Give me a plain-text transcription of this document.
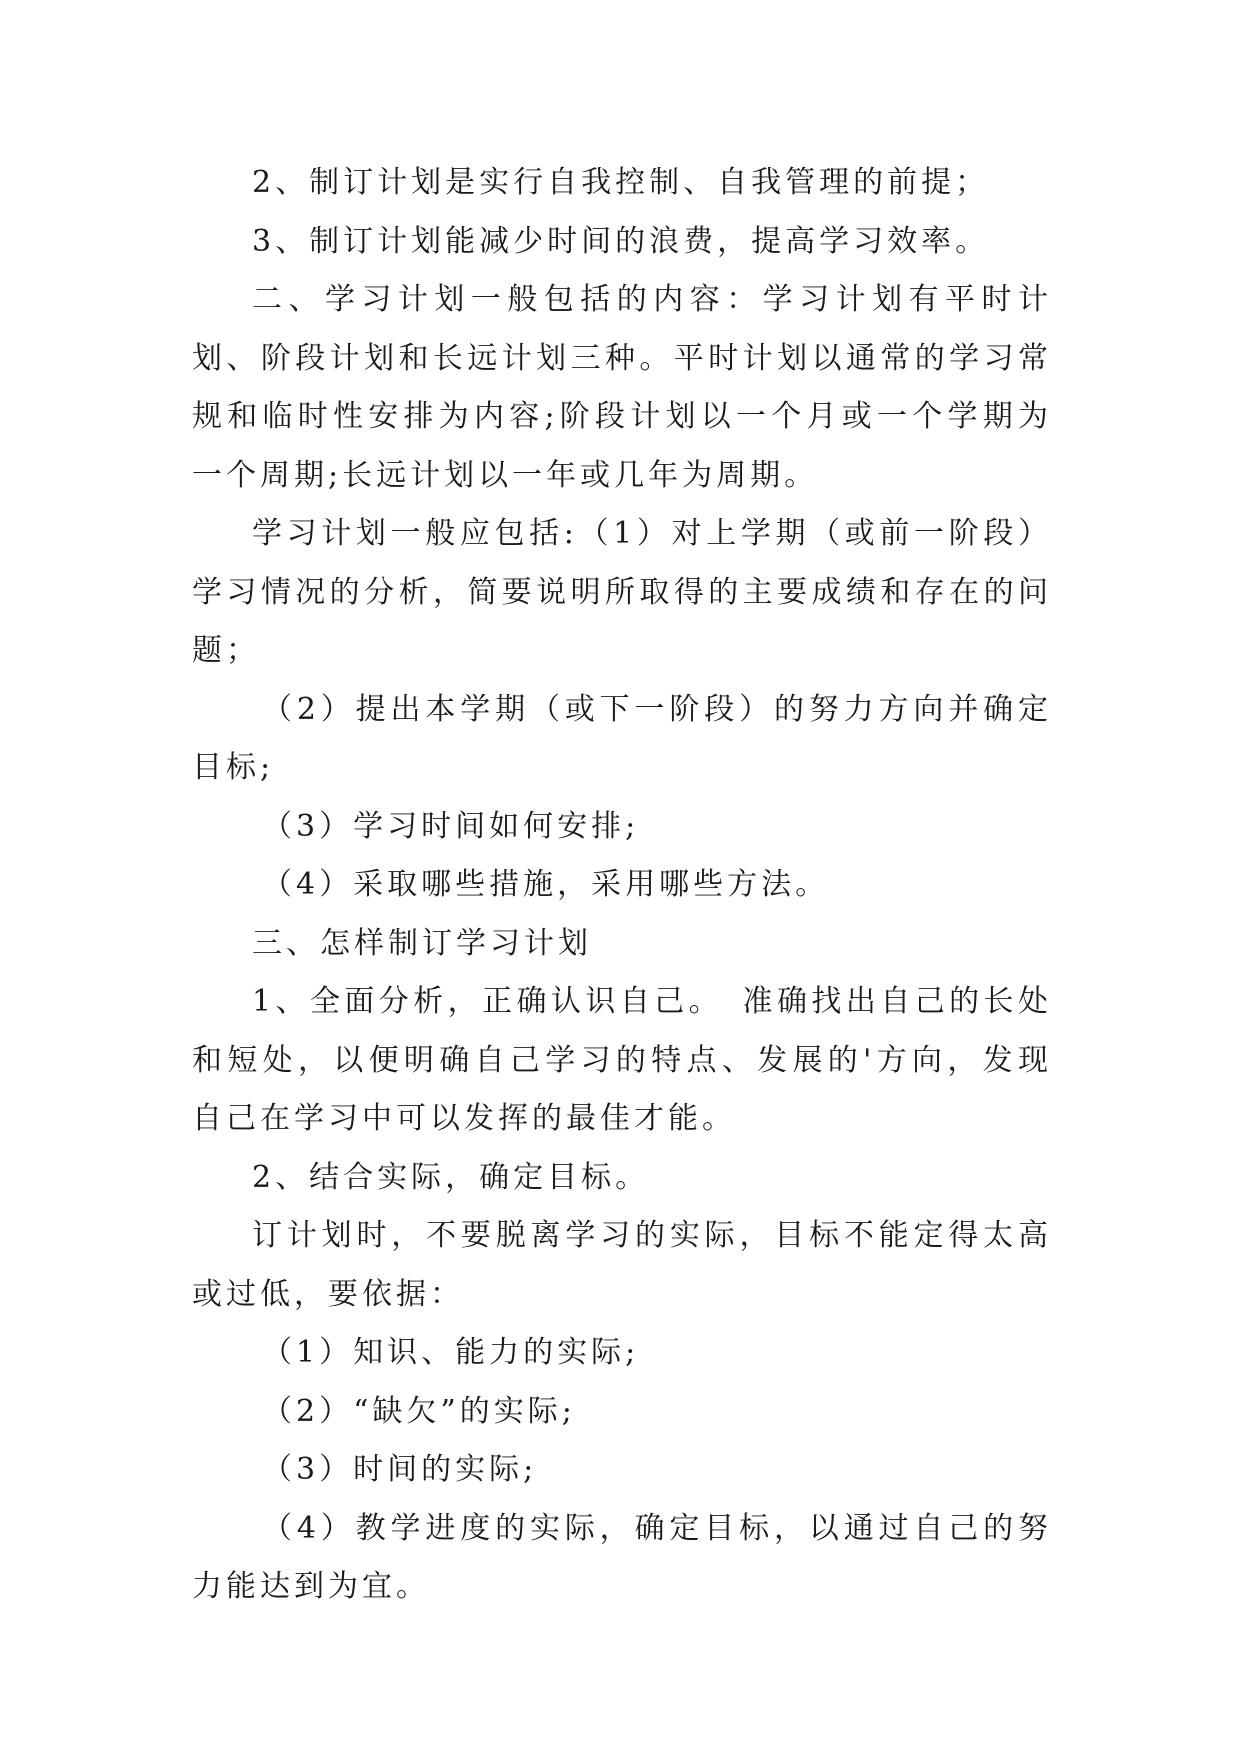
2、制订计划是实行自我控制、自我管理的前提；

3、制订计划能减少时间的浪费，提高学习效率。

二、学习计划一般包括的内容：学习计划有平时计划、阶段计划和长远计划三种。平时计划以通常的学习常规和临时性安排为内容;阶段计划以一个月或一个学期为一个周期;长远计划以一年或几年为周期。

学习计划一般应包括:（1）对上学期（或前一阶段）学习情况的分析，简要说明所取得的主要成绩和存在的问题；

（2）提出本学期（或下一阶段）的努力方向并确定目标;

（3）学习时间如何安排;

（4）采取哪些措施，采用哪些方法。

三、怎样制订学习计划

1、全面分析，正确认识自己。　准确找出自己的长处和短处，以便明确自己学习的特点、发展的'方向，发现自己在学习中可以发挥的最佳才能。

2、结合实际，确定目标。

订计划时，不要脱离学习的实际，目标不能定得太高或过低，要依据：

（1）知识、能力的实际;

（2）“缺欠”的实际;

（3）时间的实际;

（4）教学进度的实际，确定目标，以通过自己的努力能达到为宜。
